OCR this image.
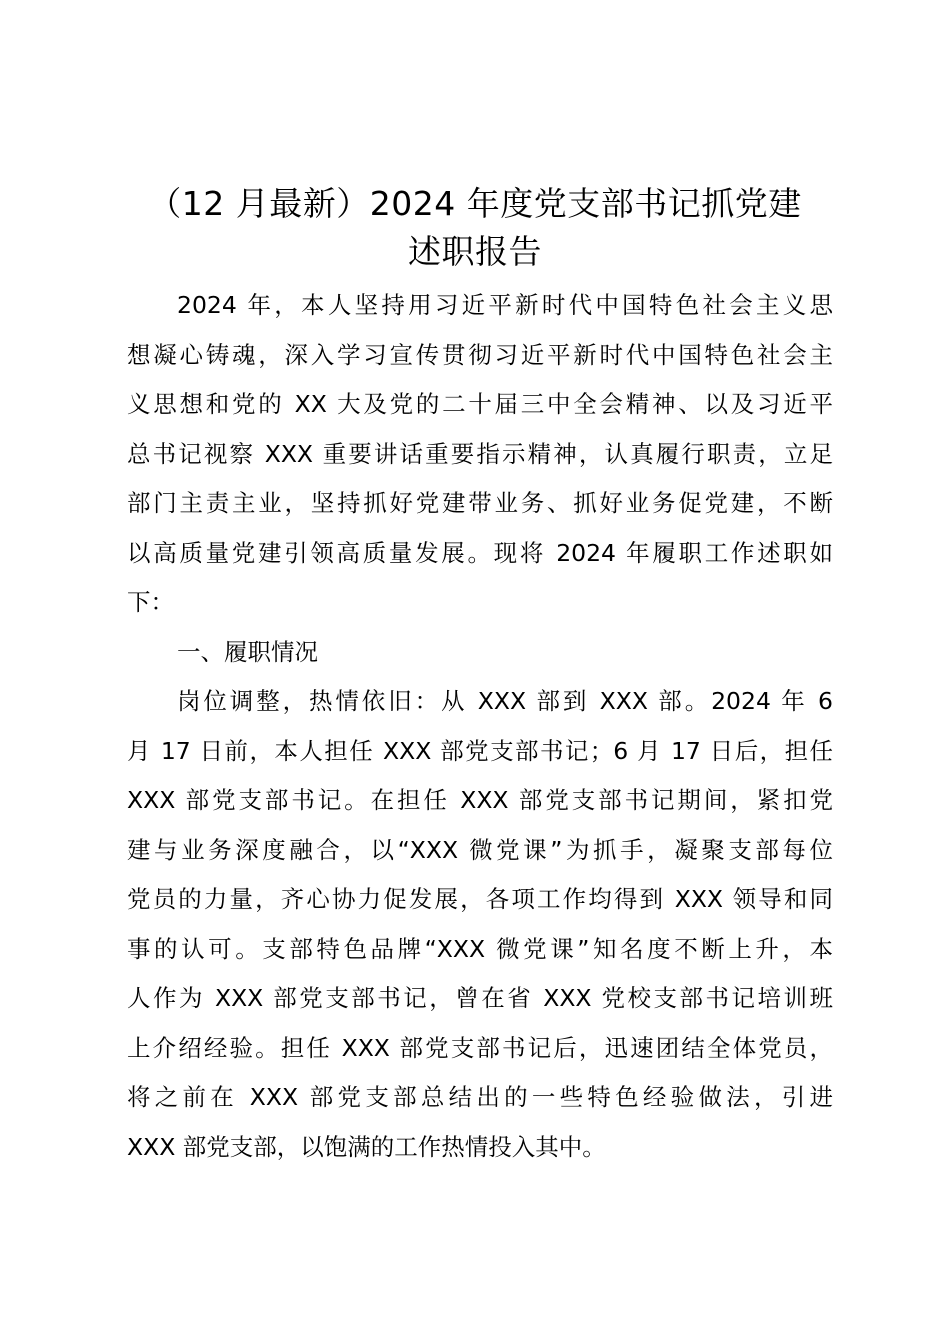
（12 月最新）2024 年度党支部书记抓党建
述职报告
2024 年，本人坚持用习近平新时代中国特色社会主义思
想凝心铸魂，深入学习宣传贯彻习近平新时代中国特色社会主
义思想和党的 XX 大及党的二十届三中全会精神、以及习近平
总书记视察 XXX 重要讲话重要指示精神，认真履行职责，立足
部门主责主业，坚持抓好党建带业务、抓好业务促党建，不断
以高质量党建引领高质量发展。现将 2024 年履职工作述职如
下：
一、履职情况
岗位调整，热情依旧：从 XXX 部到 XXX 部。2024 年 6
月 17 日前，本人担任 XXX 部党支部书记；6 月 17 日后，担任
XXX 部党支部书记。在担任 XXX 部党支部书记期间，紧扣党
建与业务深度融合，以“XXX 微党课”为抓手，凝聚支部每位
党员的力量，齐心协力促发展，各项工作均得到 XXX 领导和同
事的认可。支部特色品牌“XXX 微党课”知名度不断上升，本
人作为 XXX 部党支部书记，曾在省 XXX 党校支部书记培训班
上介绍经验。担任 XXX 部党支部书记后，迅速团结全体党员，
将之前在 XXX 部党支部总结出的一些特色经验做法，引进
XXX 部党支部，以饱满的工作热情投入其中。
